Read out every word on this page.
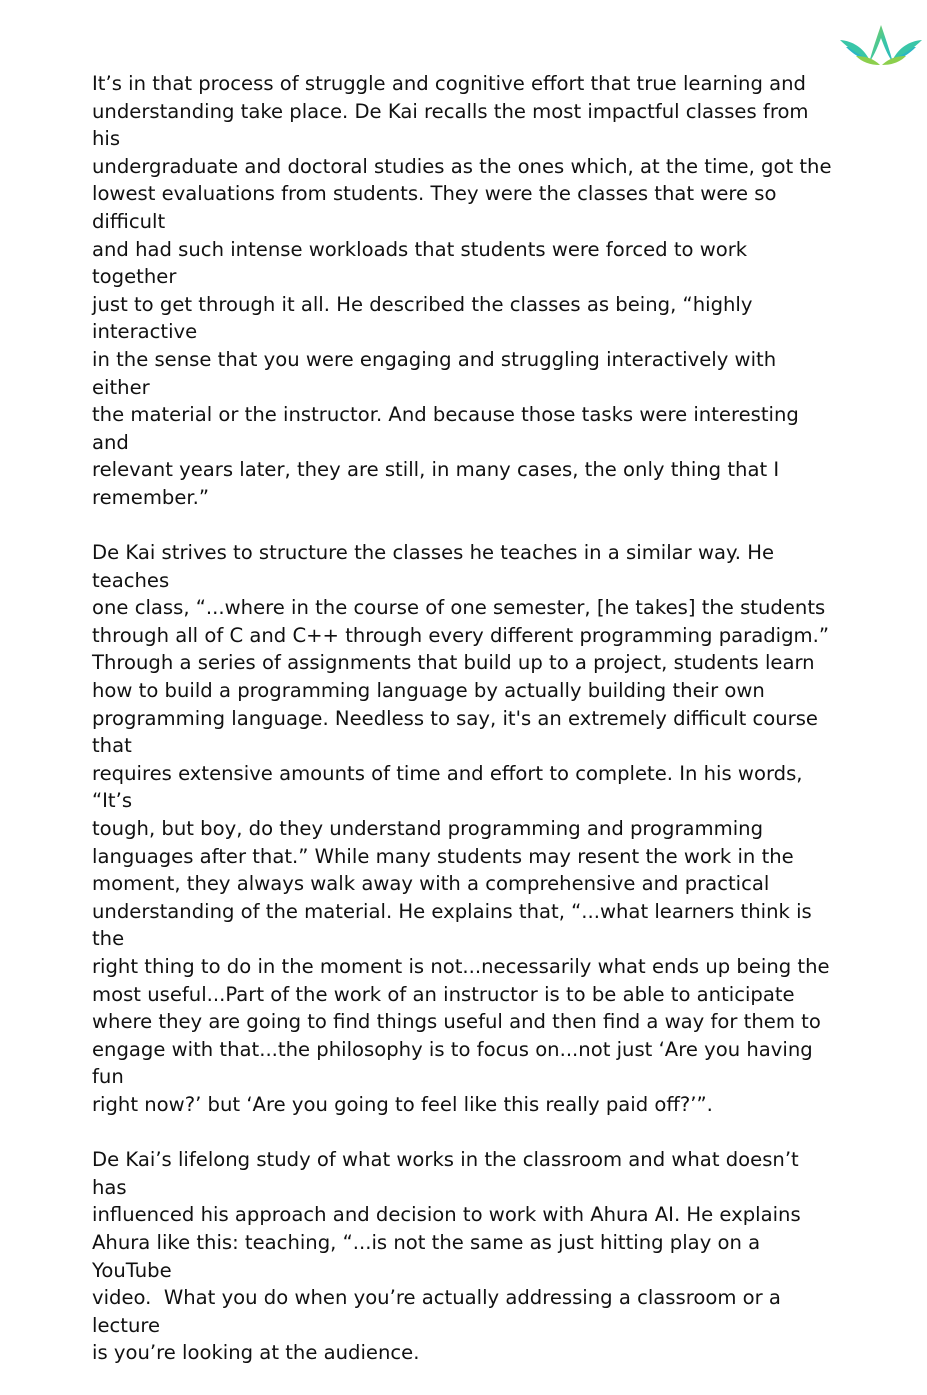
It’s in that process of struggle and cognitive effort that true learning and
understanding take place. De Kai recalls the most impactful classes from his
undergraduate and doctoral studies as the ones which, at the time, got the
lowest evaluations from students. They were the classes that were so difficult
and had such intense workloads that students were forced to work together
just to get through it all. He described the classes as being, “highly interactive
in the sense that you were engaging and struggling interactively with either
the material or the instructor. And because those tasks were interesting and
relevant years later, they are still, in many cases, the only thing that I
remember.”

De Kai strives to structure the classes he teaches in a similar way. He teaches
one class, “...where in the course of one semester, [he takes] the students
through all of C and C++ through every different programming paradigm.”
Through a series of assignments that build up to a project, students learn
how to build a programming language by actually building their own
programming language. Needless to say, it's an extremely difficult course that
requires extensive amounts of time and effort to complete. In his words, “It’s
tough, but boy, do they understand programming and programming
languages after that.” While many students may resent the work in the
moment, they always walk away with a comprehensive and practical
understanding of the material. He explains that, “...what learners think is the
right thing to do in the moment is not...necessarily what ends up being the
most useful...Part of the work of an instructor is to be able to anticipate
where they are going to find things useful and then find a way for them to
engage with that...the philosophy is to focus on...not just ‘Are you having fun
right now?’ but ‘Are you going to feel like this really paid off?’”.

De Kai’s lifelong study of what works in the classroom and what doesn’t has
influenced his approach and decision to work with Ahura AI. He explains
Ahura like this: teaching, “...is not the same as just hitting play on a YouTube
video.  What you do when you’re actually addressing a classroom or a lecture
is you’re looking at the audience.
